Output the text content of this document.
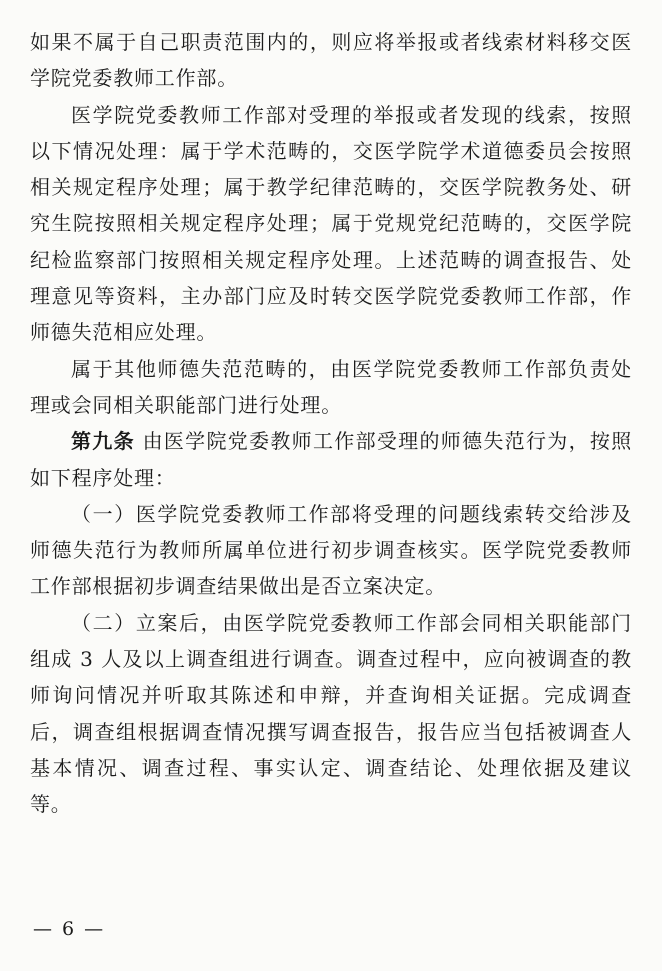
如果不属于自己职责范围内的，则应将举报或者线索材料移交医学院党委教师工作部。

医学院党委教师工作部对受理的举报或者发现的线索，按照以下情况处理：属于学术范畴的，交医学院学术道德委员会按照相关规定程序处理；属于教学纪律范畴的，交医学院教务处、研究生院按照相关规定程序处理；属于党规党纪范畴的，交医学院纪检监察部门按照相关规定程序处理。上述范畴的调查报告、处理意见等资料，主办部门应及时转交医学院党委教师工作部，作师德失范相应处理。

属于其他师德失范范畴的，由医学院党委教师工作部负责处理或会同相关职能部门进行处理。

第九条 由医学院党委教师工作部受理的师德失范行为，按照如下程序处理：

（一）医学院党委教师工作部将受理的问题线索转交给涉及师德失范行为教师所属单位进行初步调查核实。医学院党委教师工作部根据初步调查结果做出是否立案决定。

（二）立案后，由医学院党委教师工作部会同相关职能部门组成 3 人及以上调查组进行调查。调查过程中，应向被调查的教师询问情况并听取其陈述和申辩，并查询相关证据。完成调查后，调查组根据调查情况撰写调查报告，报告应当包括被调查人基本情况、调查过程、事实认定、调查结论、处理依据及建议等。

— 6 —
